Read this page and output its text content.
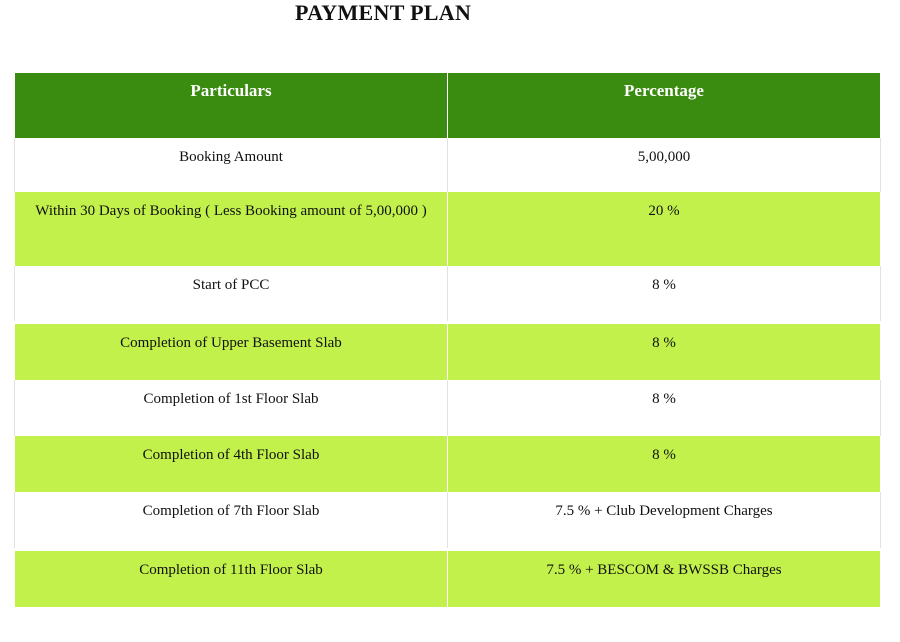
PAYMENT PLAN
Particulars	Percentage
Booking Amount	5,00,000
Within 30 Days of Booking ( Less Booking amount of 5,00,000 )	20 %
Start of PCC	8 %

Completion of Upper Basement Slab	8 %
Completion of 1st Floor Slab	8 %
Completion of 4th Floor Slab	8 %
Completion of 7th Floor Slab	7.5 % + Club Development Charges

Completion of 11th Floor Slab	7.5 % + BESCOM & BWSSB Charges
